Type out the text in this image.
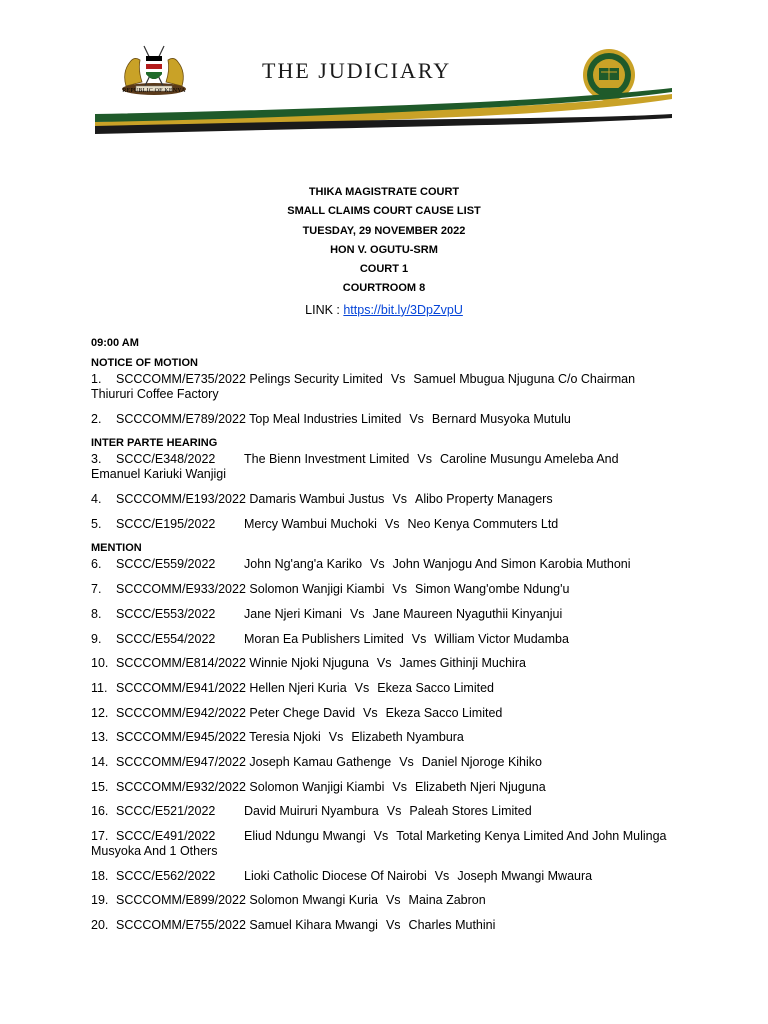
REPUBLIC OF KENYA
THE JUDICIARY
THIKA MAGISTRATE COURT
SMALL CLAIMS COURT CAUSE LIST
TUESDAY, 29 NOVEMBER 2022
HON V. OGUTU-SRM
COURT 1
COURTROOM 8
LINK : https://bit.ly/3DpZvpU
09:00 AM
NOTICE OF MOTION
1. SCCCOMM/E735/2022 Pelings Security Limited Vs Samuel Mbugua Njuguna C/o Chairman Thiururi Coffee Factory
2. SCCCOMM/E789/2022 Top Meal Industries Limited Vs Bernard Musyoka Mutulu
INTER PARTE HEARING
3. SCCC/E348/2022 The Bienn Investment Limited Vs Caroline Musungu Ameleba And Emanuel Kariuki Wanjigi
4. SCCCOMM/E193/2022 Damaris Wambui Justus Vs Alibo Property Managers
5. SCCC/E195/2022 Mercy Wambui Muchoki Vs Neo Kenya Commuters Ltd
MENTION
6. SCCC/E559/2022 John Ng'ang'a Kariko Vs John Wanjogu And Simon Karobia Muthoni
7. SCCCOMM/E933/2022 Solomon Wanjigi Kiambi Vs Simon Wang'ombe Ndung'u
8. SCCC/E553/2022 Jane Njeri Kimani Vs Jane Maureen Nyaguthii Kinyanjui
9. SCCC/E554/2022 Moran Ea Publishers Limited Vs William Victor Mudamba
10. SCCCOMM/E814/2022 Winnie Njoki Njuguna Vs James Githinji Muchira
11. SCCCOMM/E941/2022 Hellen Njeri Kuria Vs Ekeza Sacco Limited
12. SCCCOMM/E942/2022 Peter Chege David Vs Ekeza Sacco Limited
13. SCCCOMM/E945/2022 Teresia Njoki Vs Elizabeth Nyambura
14. SCCCOMM/E947/2022 Joseph Kamau Gathenge Vs Daniel Njoroge Kihiko
15. SCCCOMM/E932/2022 Solomon Wanjigi Kiambi Vs Elizabeth Njeri Njuguna
16. SCCC/E521/2022 David Muiruri Nyambura Vs Paleah Stores Limited
17. SCCC/E491/2022 Eliud Ndungu Mwangi Vs Total Marketing Kenya Limited And John Mulinga Musyoka And 1 Others
18. SCCC/E562/2022 Lioki Catholic Diocese Of Nairobi Vs Joseph Mwangi Mwaura
19. SCCCOMM/E899/2022 Solomon Mwangi Kuria Vs Maina Zabron
20. SCCCOMM/E755/2022 Samuel Kihara Mwangi Vs Charles Muthini
